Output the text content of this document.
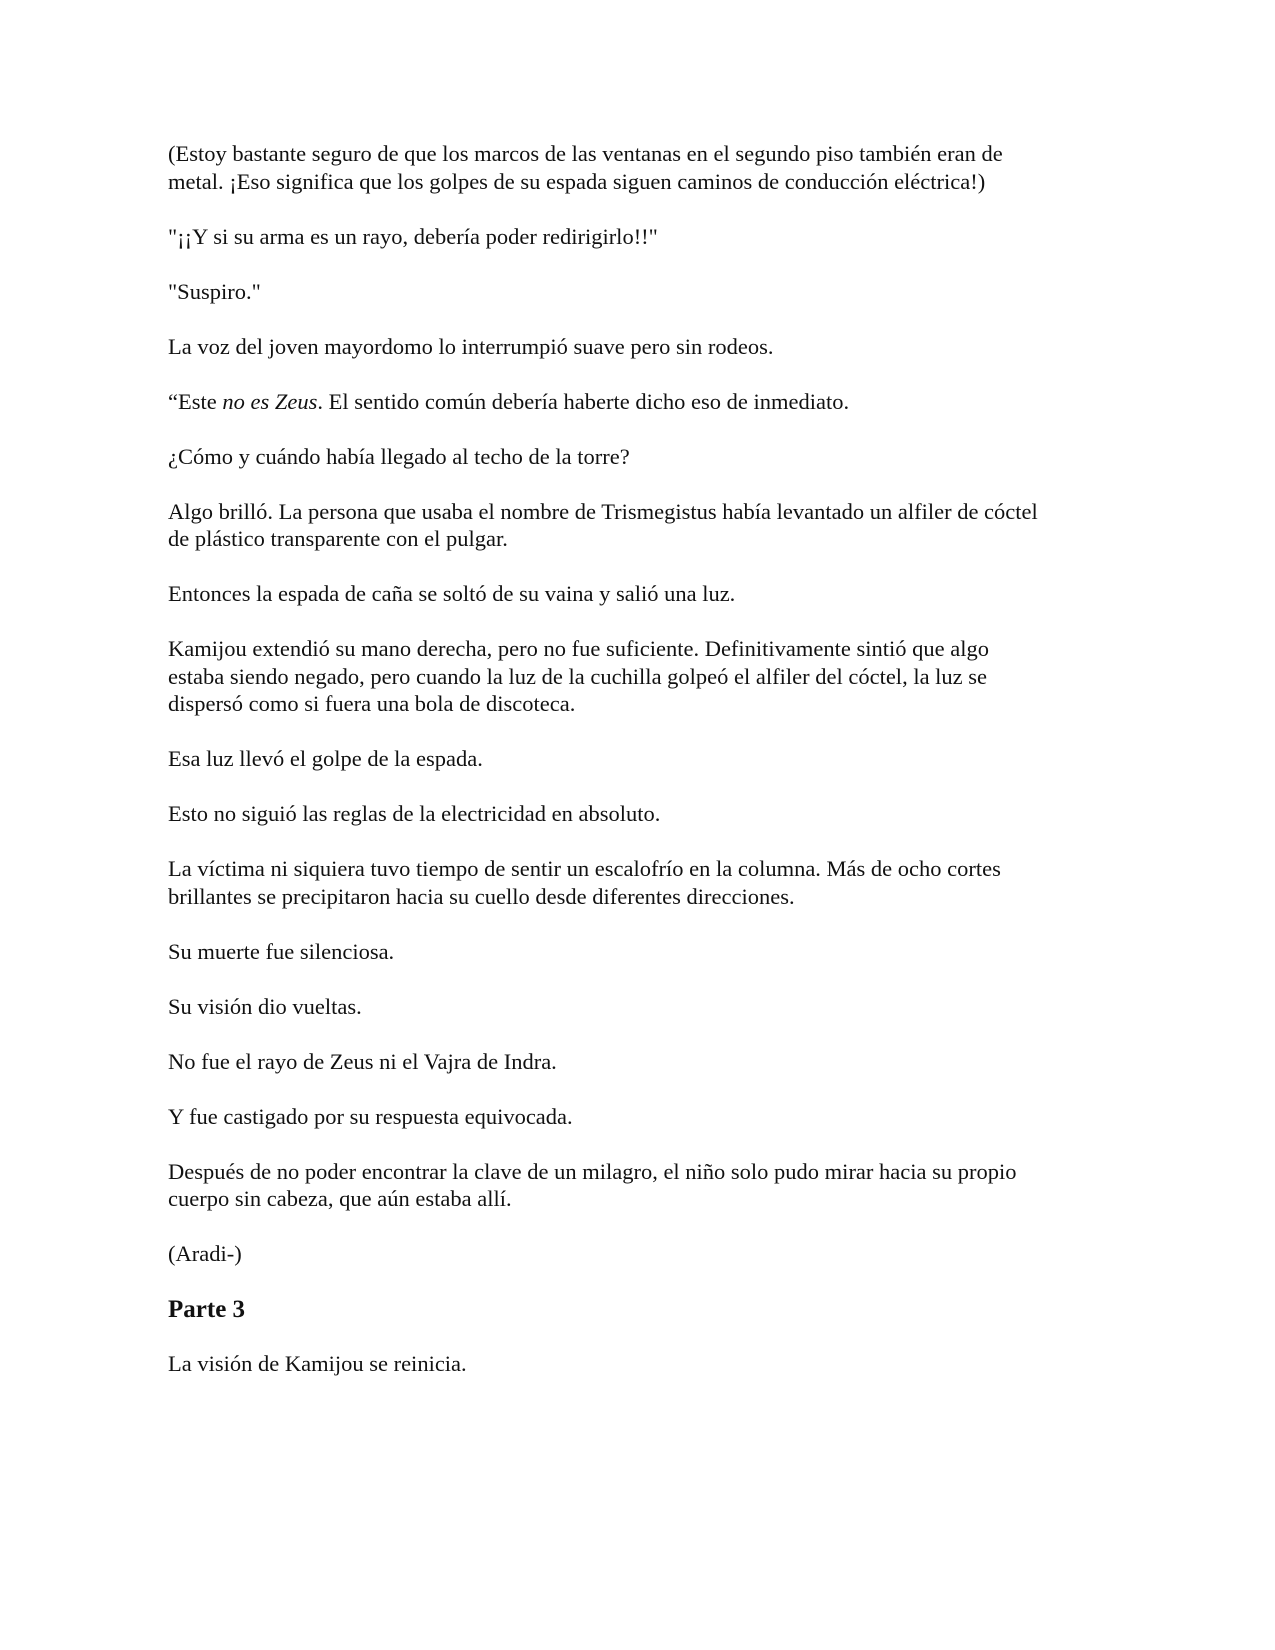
(Estoy bastante seguro de que los marcos de las ventanas en el segundo piso también eran de metal. ¡Eso significa que los golpes de su espada siguen caminos de conducción eléctrica!)

"¡¡Y si su arma es un rayo, debería poder redirigirlo!!"

"Suspiro."

La voz del joven mayordomo lo interrumpió suave pero sin rodeos.

“Este no es Zeus. El sentido común debería haberte dicho eso de inmediato.

¿Cómo y cuándo había llegado al techo de la torre?

Algo brilló. La persona que usaba el nombre de Trismegistus había levantado un alfiler de cóctel de plástico transparente con el pulgar.

Entonces la espada de caña se soltó de su vaina y salió una luz.

Kamijou extendió su mano derecha, pero no fue suficiente. Definitivamente sintió que algo estaba siendo negado, pero cuando la luz de la cuchilla golpeó el alfiler del cóctel, la luz se dispersó como si fuera una bola de discoteca.

Esa luz llevó el golpe de la espada.

Esto no siguió las reglas de la electricidad en absoluto.

La víctima ni siquiera tuvo tiempo de sentir un escalofrío en la columna. Más de ocho cortes brillantes se precipitaron hacia su cuello desde diferentes direcciones.

Su muerte fue silenciosa.

Su visión dio vueltas.

No fue el rayo de Zeus ni el Vajra de Indra.

Y fue castigado por su respuesta equivocada.

Después de no poder encontrar la clave de un milagro, el niño solo pudo mirar hacia su propio cuerpo sin cabeza, que aún estaba allí.

(Aradi-)

Parte 3

La visión de Kamijou se reinicia.
